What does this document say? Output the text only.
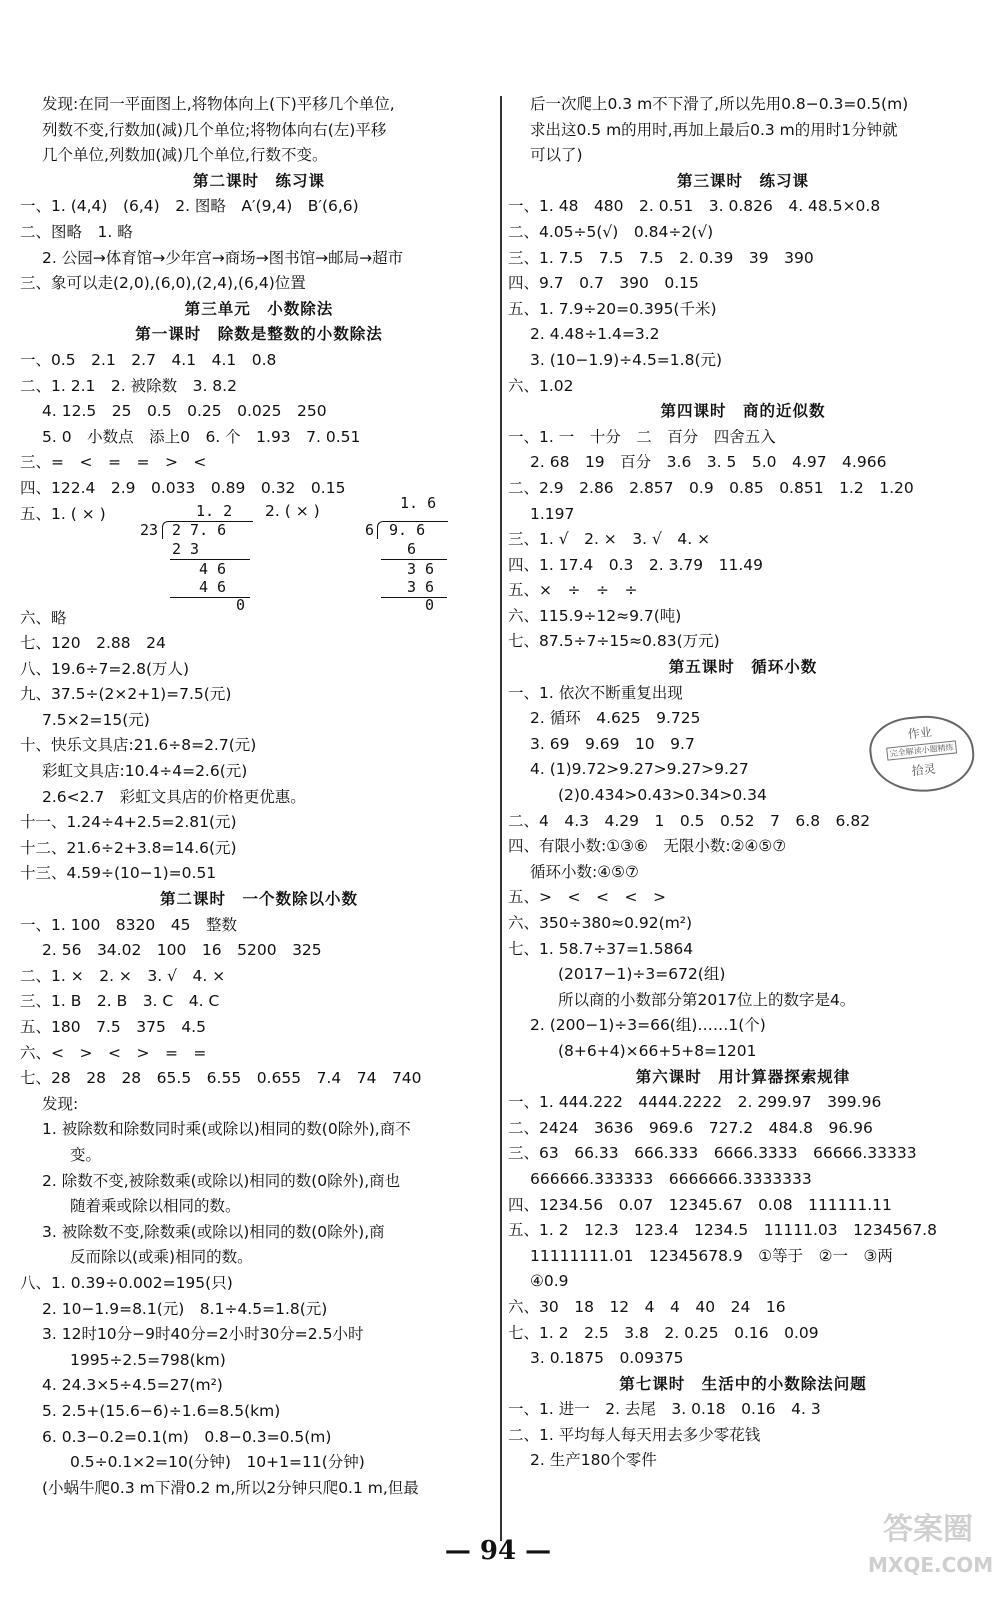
发现:在同一平面图上,将物体向上(下)平移几个单位,
列数不变,行数加(减)几个单位;将物体向右(左)平移
几个单位,列数加(减)几个单位,行数不变。
第二课时　练习课
一、1. (4,4)　(6,4)　2. 图略　A′(9,4)　B′(6,6)
二、图略　1. 略
2. 公园→体育馆→少年宫→商场→图书馆→邮局→超市
三、象可以走(2,0),(6,0),(2,4),(6,4)位置
第三单元　小数除法
第一课时　除数是整数的小数除法
一、0.5　2.1　2.7　4.1　4.1　0.8
二、1. 2.1　2. 被除数　3. 8.2
4. 12.5　25　0.5　0.25　0.025　250
5. 0　小数点　添上0　6. 个　1.93　7. 0.51
三、=　<　=　=　>　<
四、122.4　2.9　0.033　0.89　0.32　0.15
五、1. ( × )	2. ( × )
1. 2
23 2 7. 6
2 3
4 6
4 6
0
1. 6
6 9. 6
6
3 6
3 6
0
六、略
七、120　2.88　24
八、19.6÷7=2.8(万人)
九、37.5÷(2×2+1)=7.5(元)
7.5×2=15(元)
十、快乐文具店:21.6÷8=2.7(元)
彩虹文具店:10.4÷4=2.6(元)
2.6<2.7　彩虹文具店的价格更优惠。
十一、1.24÷4+2.5=2.81(元)
十二、21.6÷2+3.8=14.6(元)
十三、4.59÷(10−1)=0.51
第二课时　一个数除以小数
一、1. 100　8320　45　整数
2. 56　34.02　100　16　5200　325
二、1. ×　2. ×　3. √　4. ×
三、1. B　2. B　3. C　4. C
五、180　7.5　375　4.5
六、<　>　<　>　=　=
七、28　28　28　65.5　6.55　0.655　7.4　74　740
发现:
1. 被除数和除数同时乘(或除以)相同的数(0除外),商不
变。
2. 除数不变,被除数乘(或除以)相同的数(0除外),商也
随着乘或除以相同的数。
3. 被除数不变,除数乘(或除以)相同的数(0除外),商
反而除以(或乘)相同的数。
八、1. 0.39÷0.002=195(只)
2. 10−1.9=8.1(元)　8.1÷4.5=1.8(元)
3. 12时10分−9时40分=2小时30分=2.5小时
1995÷2.5=798(km)
4. 24.3×5÷4.5=27(m²)
5. 2.5+(15.6−6)÷1.6=8.5(km)
6. 0.3−0.2=0.1(m)　0.8−0.3=0.5(m)
0.5÷0.1×2=10(分钟)　10+1=11(分钟)
(小蜗牛爬0.3 m下滑0.2 m,所以2分钟只爬0.1 m,但最
后一次爬上0.3 m不下滑了,所以先用0.8−0.3=0.5(m)
求出这0.5 m的用时,再加上最后0.3 m的用时1分钟就
可以了)
第三课时　练习课
一、1. 48　480　2. 0.51　3. 0.826　4. 48.5×0.8
二、4.05÷5(√)　0.84÷2(√)
三、1. 7.5　7.5　7.5　2. 0.39　39　390
四、9.7　0.7　390　0.15
五、1. 7.9÷20=0.395(千米)
2. 4.48÷1.4=3.2
3. (10−1.9)÷4.5=1.8(元)
六、1.02
第四课时　商的近似数
一、1. 一　十分　二　百分　四舍五入
2. 68　19　百分　3.6　3. 5　5.0　4.97　4.966
二、2.9　2.86　2.857　0.9　0.85　0.851　1.2　1.20
1.197
三、1. √　2. ×　3. √　4. ×
四、1. 17.4　0.3　2. 3.79　11.49
五、×　÷　÷　÷
六、115.9÷12≈9.7(吨)
七、87.5÷7÷15≈0.83(万元)
第五课时　循环小数
一、1. 依次不断重复出现
2. 循环　4.625　9.725
3. 69　9.69　10　9.7
4. (1)9.72>9.27>9.27>9.27
(2)0.434>0.43>0.34>0.34
二、4　4.3　4.29　1　0.5　0.52　7　6.8　6.82
四、有限小数:①③⑥　无限小数:②④⑤⑦
循环小数:④⑤⑦
五、>　<　<　<　>
六、350÷380≈0.92(m²)
七、1. 58.7÷37=1.5864
(2017−1)÷3=672(组)
所以商的小数部分第2017位上的数字是4。
2. (200−1)÷3=66(组)……1(个)
(8+6+4)×66+5+8=1201
第六课时　用计算器探索规律
一、1. 444.222　4444.2222　2. 299.97　399.96
二、2424　3636　969.6　727.2　484.8　96.96
三、63　66.33　666.333　6666.3333　66666.33333
666666.333333　6666666.3333333
四、1234.56　0.07　12345.67　0.08　111111.11
五、1. 2　12.3　123.4　1234.5　11111.03　1234567.8
11111111.01　12345678.9　①等于　②一　③两
④0.9
六、30　18　12　4　4　40　24　16
七、1. 2　2.5　3.8　2. 0.25　0.16　0.09
3. 0.1875　0.09375
第七课时　生活中的小数除法问题
一、1. 进一　2. 去尾　3. 0.18　0.16　4. 3
二、1. 平均每人每天用去多少零花钱
2. 生产180个零件
作业
完全解读小题精练
拾灵
答案圈
MXQE.COM
— 94 —
